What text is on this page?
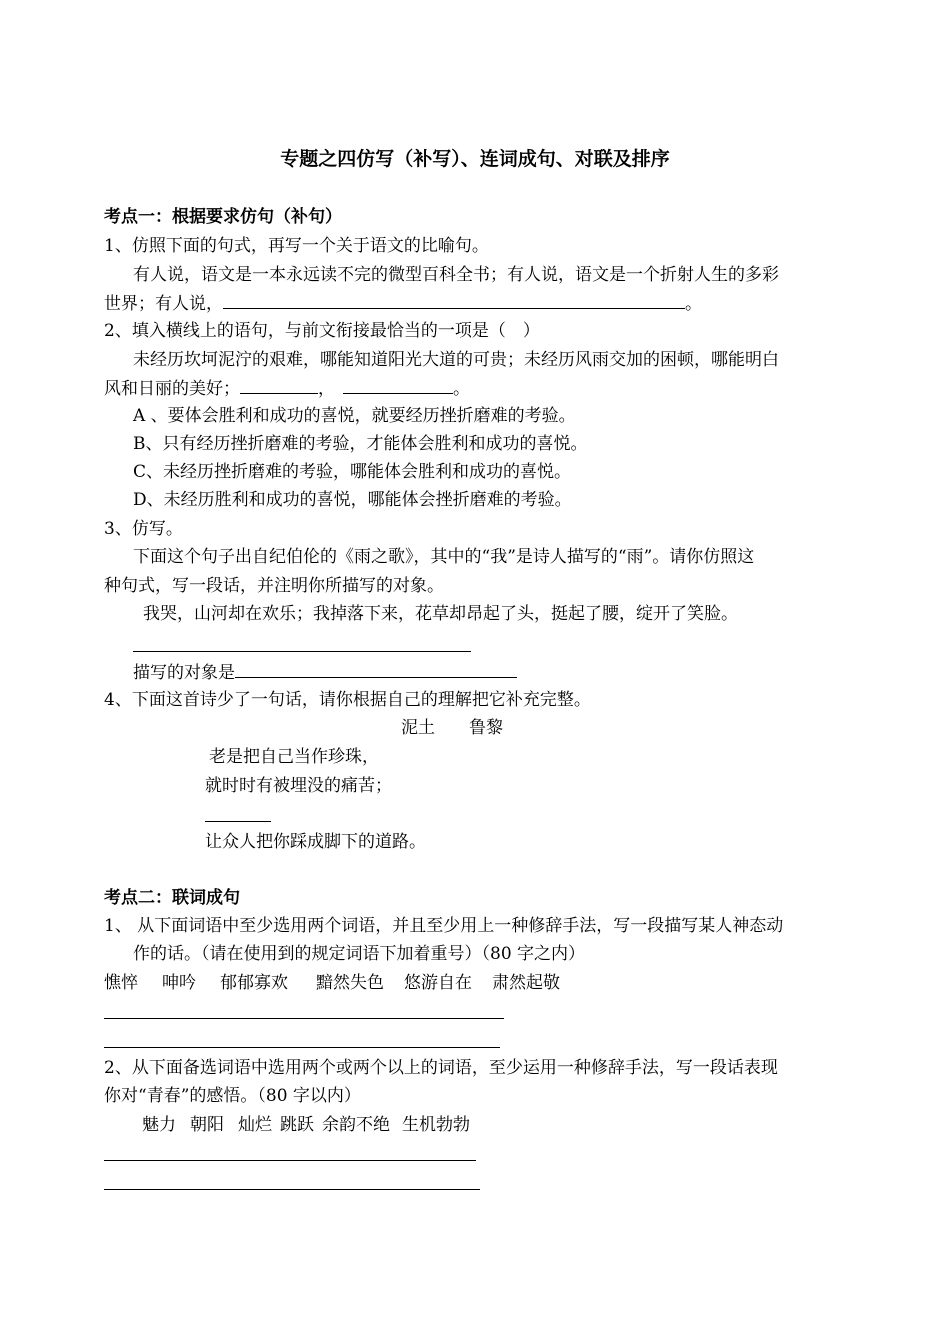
专题之四仿写（补写）、连词成句、对联及排序
考点一：根据要求仿句（补句）
1、仿照下面的句式，再写一个关于语文的比喻句。
有人说，语文是一本永远读不完的微型百科全书；有人说，语文是一个折射人生的多彩
世界；有人说，	。
2、填入横线上的语句，与前文衔接最恰当的一项是（　）
未经历坎坷泥泞的艰难，哪能知道阳光大道的可贵；未经历风雨交加的困顿，哪能明白
风和日丽的美好；	，	。
A 、要体会胜利和成功的喜悦，就要经历挫折磨难的考验。
B、只有经历挫折磨难的考验，才能体会胜利和成功的喜悦。
C、未经历挫折磨难的考验，哪能体会胜利和成功的喜悦。
D、未经历胜利和成功的喜悦，哪能体会挫折磨难的考验。
3、仿写。
下面这个句子出自纪伯伦的《雨之歌》，其中的“我”是诗人描写的“雨”。请你仿照这
种句式，写一段话，并注明你所描写的对象。
我哭，山河却在欢乐；我掉落下来，花草却昂起了头，挺起了腰，绽开了笑脸。
描写的对象是
4、下面这首诗少了一句话，请你根据自己的理解把它补充完整。
泥土　　鲁黎
老是把自己当作珍珠，
就时时有被埋没的痛苦；
让众人把你踩成脚下的道路。
考点二：联词成句
1、 从下面词语中至少选用两个词语，并且至少用上一种修辞手法，写一段描写某人神态动
作的话。（请在使用到的规定词语下加着重号）（80 字之内）
憔悴 呻吟 郁郁寡欢 黯然失色 悠游自在 肃然起敬
2、从下面备选词语中选用两个或两个以上的词语，至少运用一种修辞手法，写一段话表现
你对“青春”的感悟。（80 字以内）
魅力 朝阳 灿烂 跳跃 余韵不绝 生机勃勃
